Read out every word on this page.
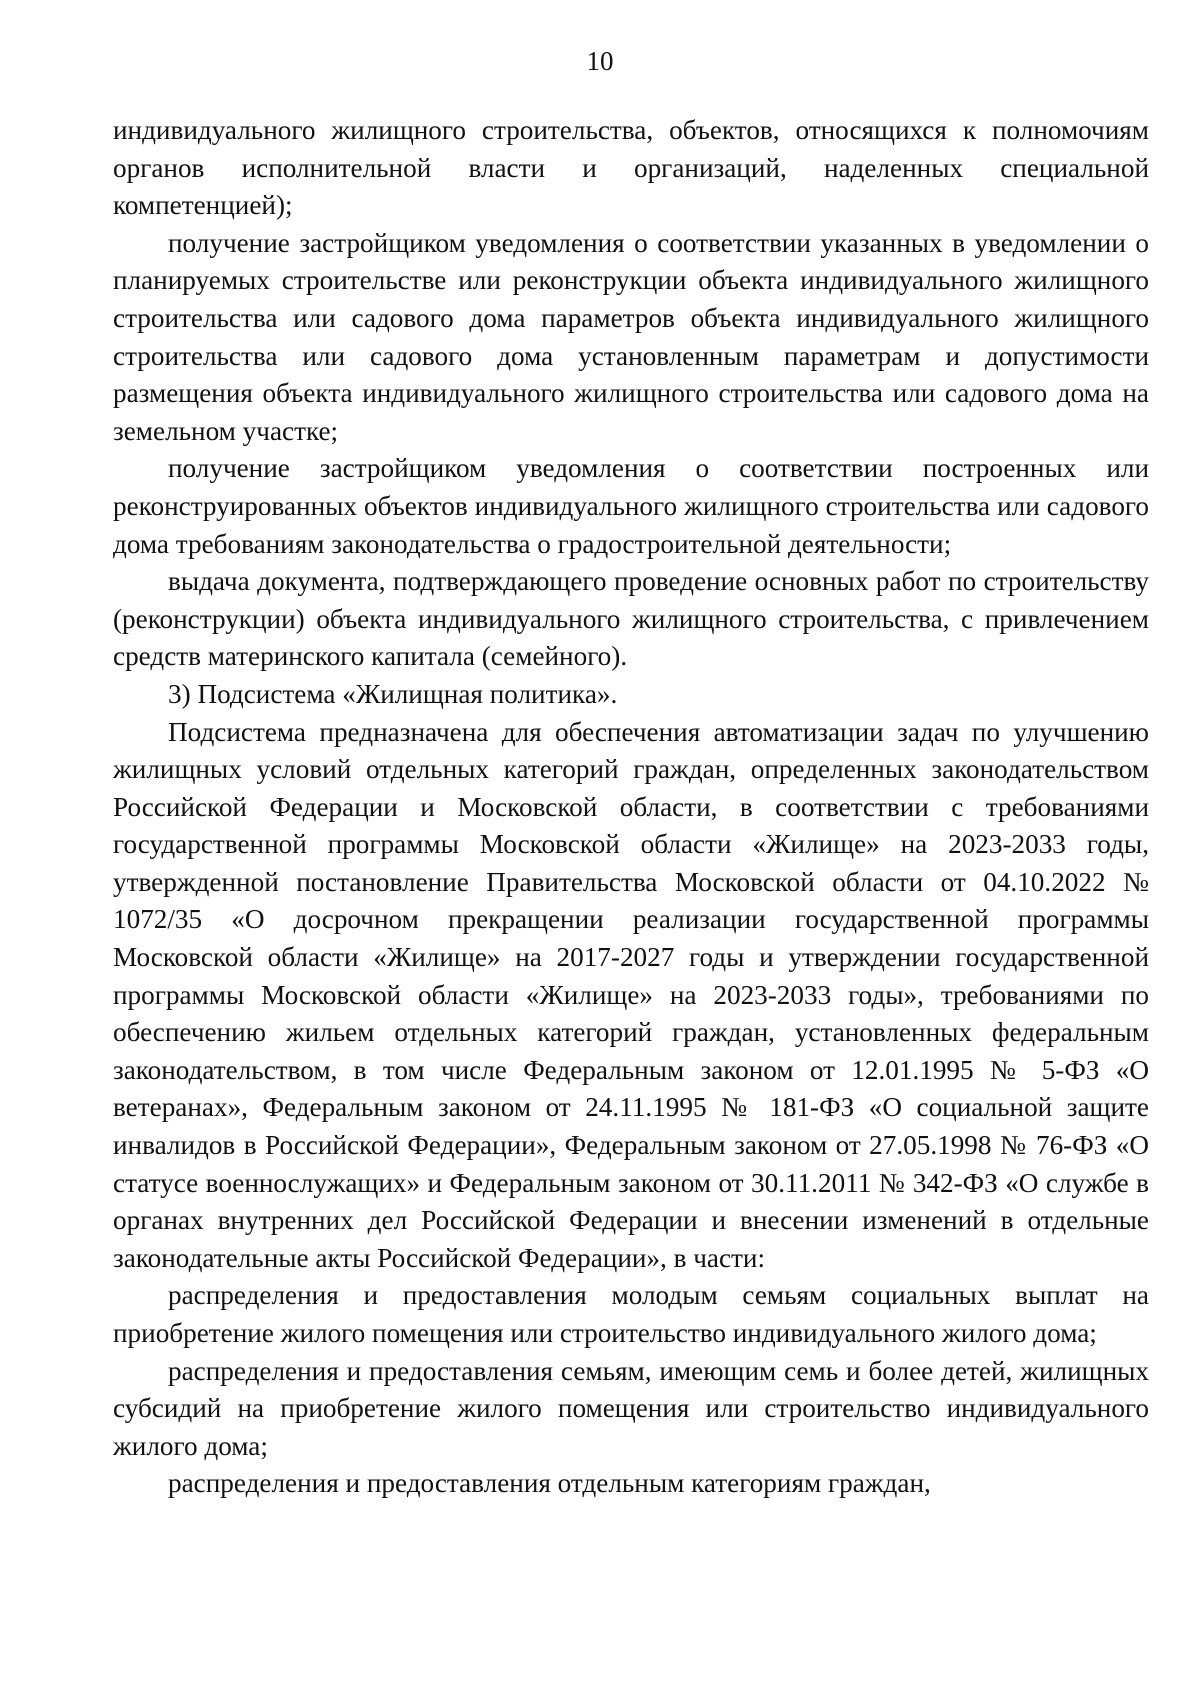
10

индивидуального жилищного строительства, объектов, относящихся к полномочиям органов исполнительной власти и организаций, наделенных специальной компетенцией);

получение застройщиком уведомления о соответствии указанных в уведомлении о планируемых строительстве или реконструкции объекта индивидуального жилищного строительства или садового дома параметров объекта индивидуального жилищного строительства или садового дома установленным параметрам и допустимости размещения объекта индивидуального жилищного строительства или садового дома на земельном участке;

получение застройщиком уведомления о соответствии построенных или реконструированных объектов индивидуального жилищного строительства или садового дома требованиям законодательства о градостроительной деятельности;

выдача документа, подтверждающего проведение основных работ по строительству (реконструкции) объекта индивидуального жилищного строительства, с привлечением средств материнского капитала (семейного).

3) Подсистема «Жилищная политика».

Подсистема предназначена для обеспечения автоматизации задач по улучшению жилищных условий отдельных категорий граждан, определенных законодательством Российской Федерации и Московской области, в соответствии с требованиями государственной программы Московской области «Жилище» на 2023-2033 годы, утвержденной постановление Правительства Московской области от 04.10.2022 № 1072/35 «О досрочном прекращении реализации государственной программы Московской области «Жилище» на 2017-2027 годы и утверждении государственной программы Московской области «Жилище» на 2023-2033 годы», требованиями по обеспечению жильем отдельных категорий граждан, установленных федеральным законодательством, в том числе Федеральным законом от 12.01.1995 № 5-ФЗ «О ветеранах», Федеральным законом от 24.11.1995 № 181-ФЗ «О социальной защите инвалидов в Российской Федерации», Федеральным законом от 27.05.1998 № 76-ФЗ «О статусе военнослужащих» и Федеральным законом от 30.11.2011 № 342-ФЗ «О службе в органах внутренних дел Российской Федерации и внесении изменений в отдельные законодательные акты Российской Федерации», в части:

распределения и предоставления молодым семьям социальных выплат на приобретение жилого помещения или строительство индивидуального жилого дома;

распределения и предоставления семьям, имеющим семь и более детей, жилищных субсидий на приобретение жилого помещения или строительство индивидуального жилого дома;

распределения и предоставления отдельным категориям граждан,
